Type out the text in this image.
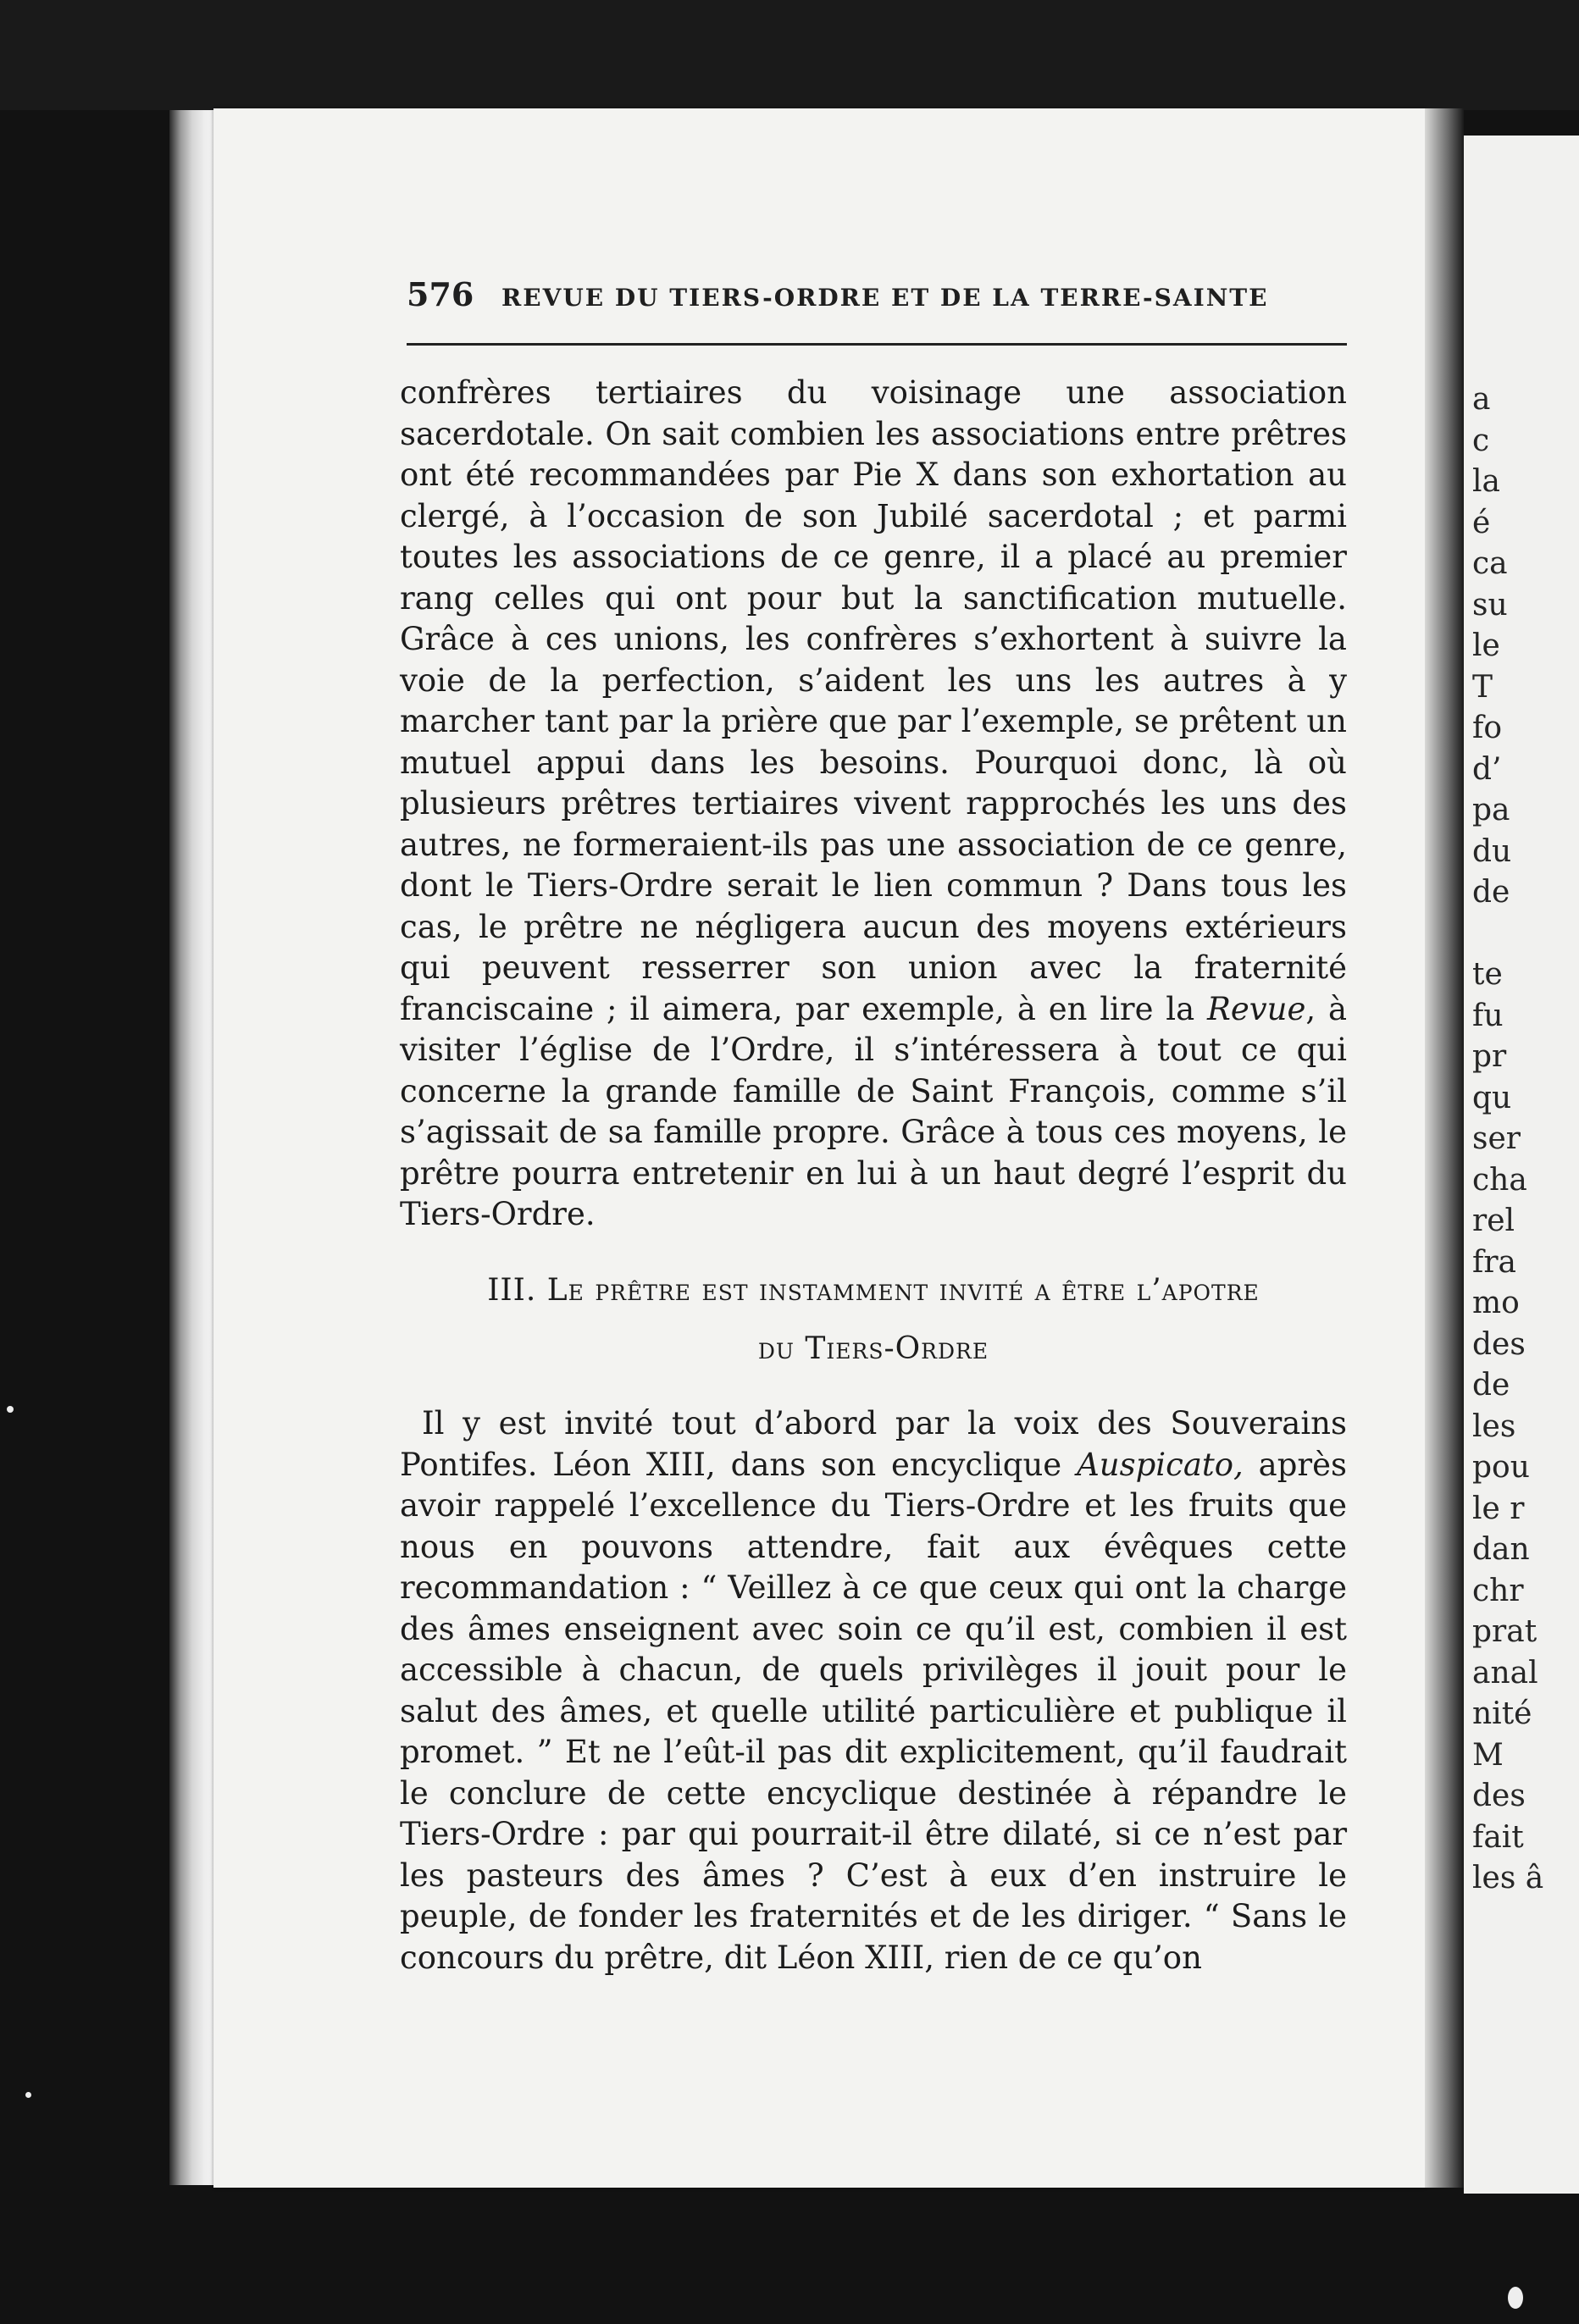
a
c
la
é
ca
su
le
T
fo
d’
pa
du
de
te
fu
pr
qu
ser
cha
rel
fra
mo
des
de
les
pou
le r
dan
chr
prat
anal
nité
M
des
fait
les â
576 REVUE DU TIERS-ORDRE ET DE LA TERRE-SAINTE

confrères tertiaires du voisinage une association sacerdotale. On sait combien les associations entre prêtres ont été recommandées par Pie X dans son exhortation au clergé, à l’occasion de son Jubilé sacerdotal ; et parmi toutes les associations de ce genre, il a placé au premier rang celles qui ont pour but la sanctification mutuelle. Grâce à ces unions, les confrères s’exhortent à suivre la voie de la perfection, s’aident les uns les autres à y marcher tant par la prière que par l’exemple, se prêtent un mutuel appui dans les besoins. Pourquoi donc, là où plusieurs prêtres tertiaires vivent rapprochés les uns des autres, ne formeraient-ils pas une association de ce genre, dont le Tiers-Ordre serait le lien commun ? Dans tous les cas, le prêtre ne négligera aucun des moyens extérieurs qui peuvent resserrer son union avec la fraternité franciscaine ; il aimera, par exemple, à en lire la Revue, à visiter l’église de l’Ordre, il s’intéressera à tout ce qui concerne la grande famille de Saint François, comme s’il s’agissait de sa famille propre. Grâce à tous ces moyens, le prêtre pourra entretenir en lui à un haut degré l’esprit du Tiers-Ordre.

III. Le prêtre est instamment invité a être l’apotre
du Tiers-Ordre

Il y est invité tout d’abord par la voix des Souverains Pontifes. Léon XIII, dans son encyclique Auspicato, après avoir rappelé l’excellence du Tiers-Ordre et les fruits que nous en pouvons attendre, fait aux évêques cette recommandation : “ Veillez à ce que ceux qui ont la charge des âmes enseignent avec soin ce qu’il est, combien il est accessible à chacun, de quels privilèges il jouit pour le salut des âmes, et quelle utilité particulière et publique il promet. ” Et ne l’eût-il pas dit explicitement, qu’il faudrait le conclure de cette encyclique destinée à répandre le Tiers-Ordre : par qui pourrait-il être dilaté, si ce n’est par les pasteurs des âmes ? C’est à eux d’en instruire le peuple, de fonder les fraternités et de les diriger. “ Sans le concours du prêtre, dit Léon XIII, rien de ce qu’on
